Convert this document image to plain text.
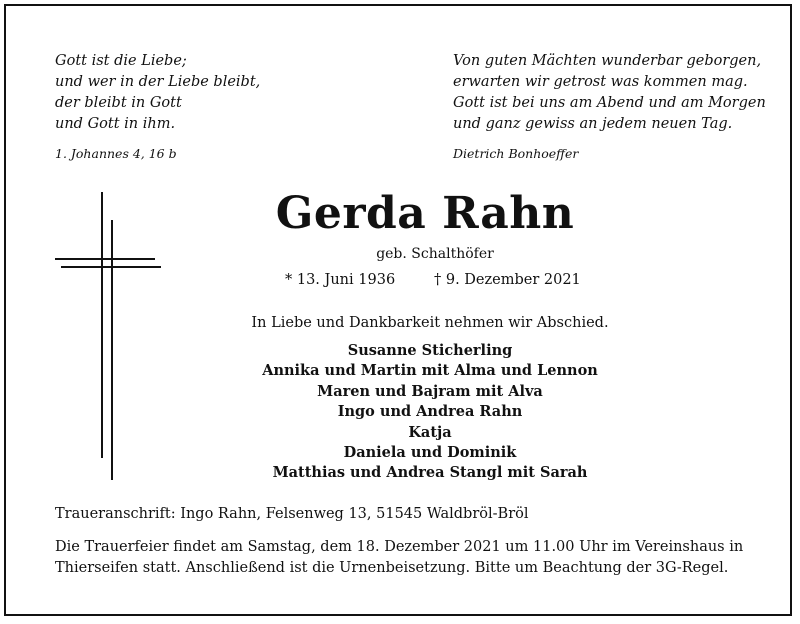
Gott ist die Liebe;
und wer in der Liebe bleibt,
der bleibt in Gott
und Gott in ihm.
1. Johannes 4, 16 b
Von guten Mächten wunderbar geborgen,
erwarten wir getrost was kommen mag.
Gott ist bei uns am Abend und am Morgen
und ganz gewiss an jedem neuen Tag.
Dietrich Bonhoeffer
Gerda Rahn
geb. Schalthöfer
* 13. Juni 1936	† 9. Dezember 2021
In Liebe und Dankbarkeit nehmen wir Abschied.
Susanne Sticherling
Annika und Martin mit Alma und Lennon
Maren und Bajram mit Alva
Ingo und Andrea Rahn
Katja
Daniela und Dominik
Matthias und Andrea Stangl mit Sarah
Traueranschrift: Ingo Rahn, Felsenweg 13, 51545 Waldbröl-Bröl
Die Trauerfeier findet am Samstag, dem 18. Dezember 2021 um 11.00 Uhr im Vereinshaus in Thierseifen statt. Anschließend ist die Urnenbeisetzung. Bitte um Beachtung der 3G-Regel.
